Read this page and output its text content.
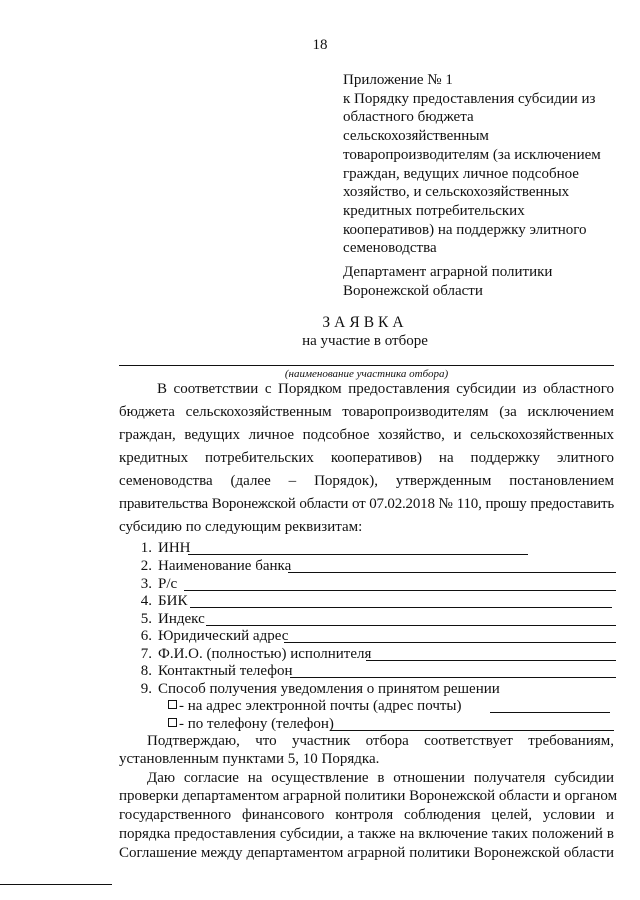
18
Приложение № 1
к Порядку предоставления субсидии из
областного бюджета
сельскохозяйственным
товаропроизводителям (за исключением
граждан, ведущих личное подсобное
хозяйство, и сельскохозяйственных
кредитных потребительских
кооперативов) на поддержку элитного
семеноводства
Департамент аграрной политики
Воронежской области
ЗАЯВКА
на участие в отборе
(наименование участника отбора)
В соответствии с Порядком предоставления субсидии из областного
бюджета сельскохозяйственным товаропроизводителям (за исключением
граждан, ведущих личное подсобное хозяйство, и сельскохозяйственных
кредитных потребительских кооперативов) на поддержку элитного
семеноводства (далее – Порядок), утвержденным постановлением
правительства Воронежской области от 07.02.2018 № 110, прошу предоставить
субсидию по следующим реквизитам:
1. ИНН
2. Наименование банка
3. Р/с
4. БИК
5. Индекс
6. Юридический адрес
7. Ф.И.О. (полностью) исполнителя
8. Контактный телефон
9. Способ получения уведомления о принятом решении
- на адрес электронной почты (адрес почты)
- по телефону (телефон)
Подтверждаю, что участник отбора соответствует требованиям,
установленным пунктами 5, 10 Порядка.
Даю согласие на осуществление в отношении получателя субсидии
проверки департаментом аграрной политики Воронежской области и органом
государственного финансового контроля соблюдения целей, условии и
порядка предоставления субсидии, а также на включение таких положений в
Соглашение между департаментом аграрной политики Воронежской области
